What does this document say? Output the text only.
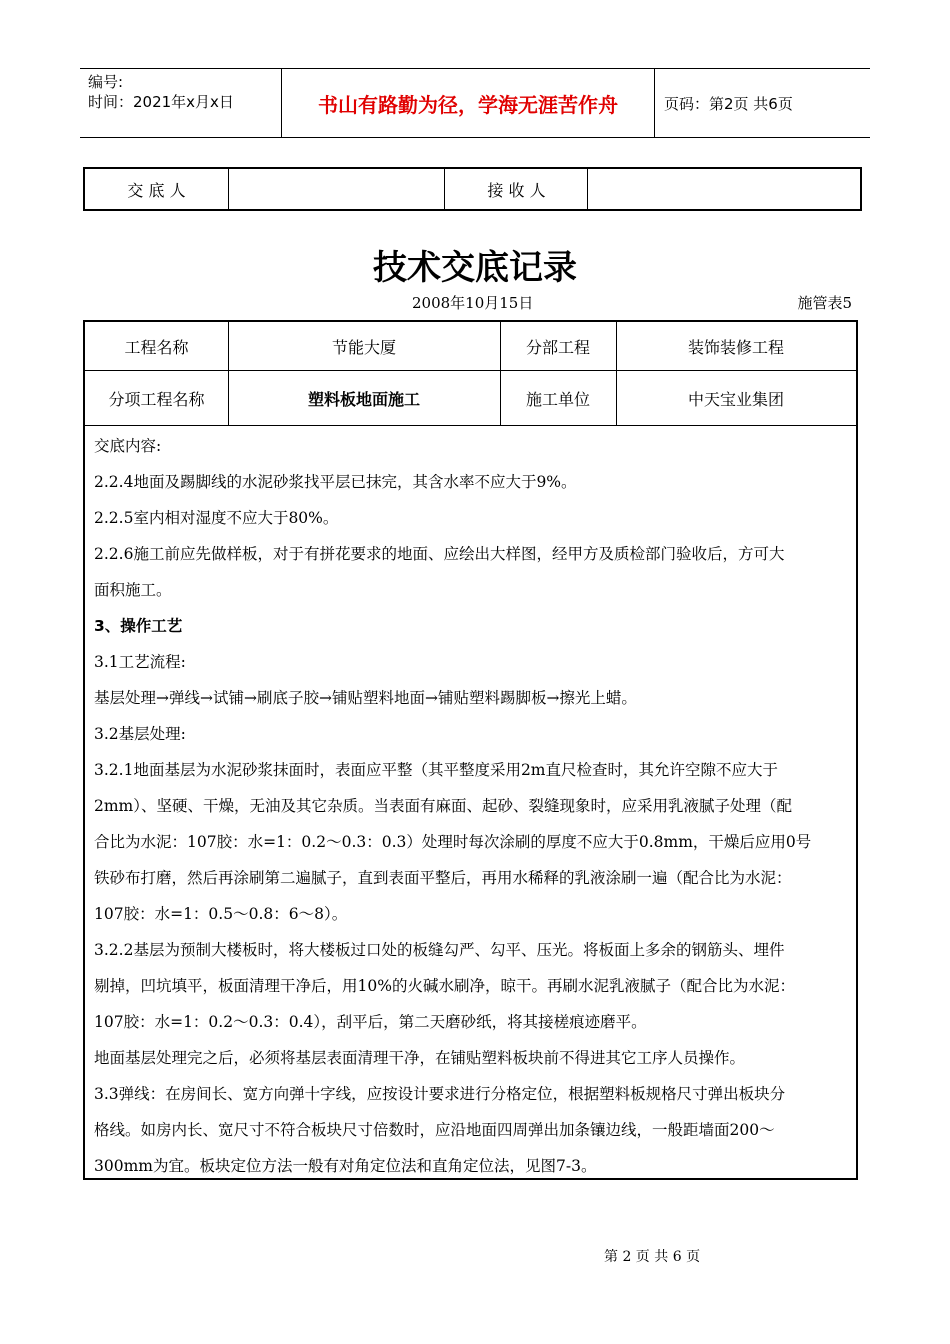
编号:
时间：2021年x月x日	书山有路勤为径，学海无涯苦作舟	页码：第2页 共6页
交 底 人	接 收 人
技术交底记录
2008年10月15日	施管表5
工程名称	节能大厦	分部工程	装饰装修工程
分项工程名称	塑料板地面施工	施工单位	中天宝业集团

交底内容:

2.2.4地面及踢脚线的水泥砂浆找平层已抹完，其含水率不应大于9%。

2.2.5室内相对湿度不应大于80%。

2.2.6施工前应先做样板，对于有拼花要求的地面、应绘出大样图，经甲方及质检部门验收后，方可大

面积施工。

3、操作工艺

3.1工艺流程:

基层处理→弹线→试铺→刷底子胶→铺贴塑料地面→铺贴塑料踢脚板→擦光上蜡。

3.2基层处理:

3.2.1地面基层为水泥砂浆抹面时，表面应平整（其平整度采用2m直尺检查时，其允许空隙不应大于

2mm）、坚硬、干燥，无油及其它杂质。当表面有麻面、起砂、裂缝现象时，应采用乳液腻子处理（配

合比为水泥：107胶：水=1：0.2～0.3：0.3）处理时每次涂刷的厚度不应大于0.8mm，干燥后应用0号

铁砂布打磨，然后再涂刷第二遍腻子，直到表面平整后，再用水稀释的乳液涂刷一遍（配合比为水泥：

107胶：水=1：0.5～0.8：6～8）。

3.2.2基层为预制大楼板时，将大楼板过口处的板缝勾严、勾平、压光。将板面上多余的钢筋头、埋件

剔掉，凹坑填平，板面清理干净后，用10%的火碱水刷净，晾干。再刷水泥乳液腻子（配合比为水泥：

107胶：水=1：0.2～0.3：0.4），刮平后，第二天磨砂纸，将其接槎痕迹磨平。

地面基层处理完之后，必须将基层表面清理干净，在铺贴塑料板块前不得进其它工序人员操作。

3.3弹线：在房间长、宽方向弹十字线，应按设计要求进行分格定位，根据塑料板规格尺寸弹出板块分

格线。如房内长、宽尺寸不符合板块尺寸倍数时，应沿地面四周弹出加条镶边线，一般距墙面200～

300mm为宜。板块定位方法一般有对角定位法和直角定位法，见图7-3。

第 2 页 共 6 页
